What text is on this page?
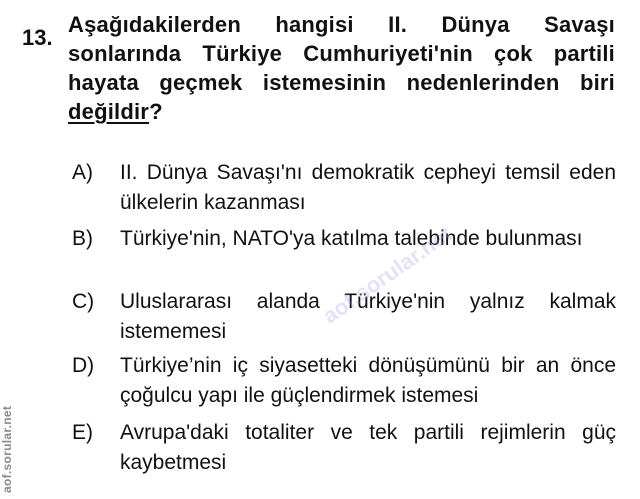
13.
Aşağıdakilerden hangisi II. Dünya Savaşı sonlarında Türkiye Cumhuriyeti'nin çok partili hayata geçmek istemesinin nedenlerinden biri değildir?
A)	II. Dünya Savaşı'nı demokratik cepheyi temsil eden ülkelerin kazanması
B)	Türkiye'nin, NATO'ya katılma talebinde bulunması
C)	Uluslararası alanda Türkiye'nin yalnız kalmak istememesi
D)	Türkiye’nin iç siyasetteki dönüşümünü bir an önce çoğulcu yapı ile güçlendirmek istemesi
E)	Avrupa'daki totaliter ve tek partili rejimlerin güç kaybetmesi
aof.sorular.net
aof.sorular.net
